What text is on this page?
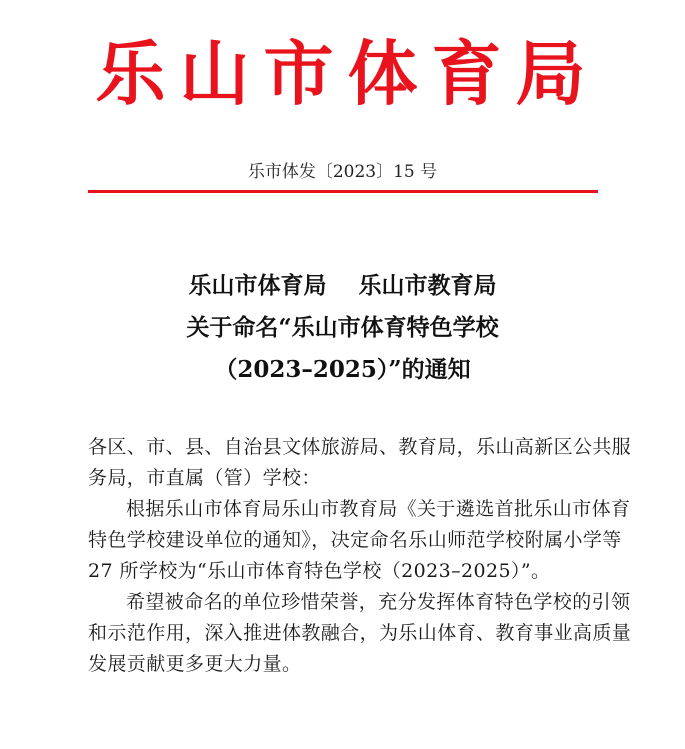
乐山市体育局
乐市体发〔2023〕15 号
乐山市体育局    乐山市教育局
关于命名“乐山市体育特色学校
（2023–2025）”的通知
各区、市、县、自治县文体旅游局、教育局，乐山高新区公共服
务局，市直属（管）学校：
根据乐山市体育局乐山市教育局《关于遴选首批乐山市体育
特色学校建设单位的通知》，决定命名乐山师范学校附属小学等
27 所学校为“乐山市体育特色学校（2023–2025）”。
希望被命名的单位珍惜荣誉，充分发挥体育特色学校的引领
和示范作用，深入推进体教融合，为乐山体育、教育事业高质量
发展贡献更多更大力量。
